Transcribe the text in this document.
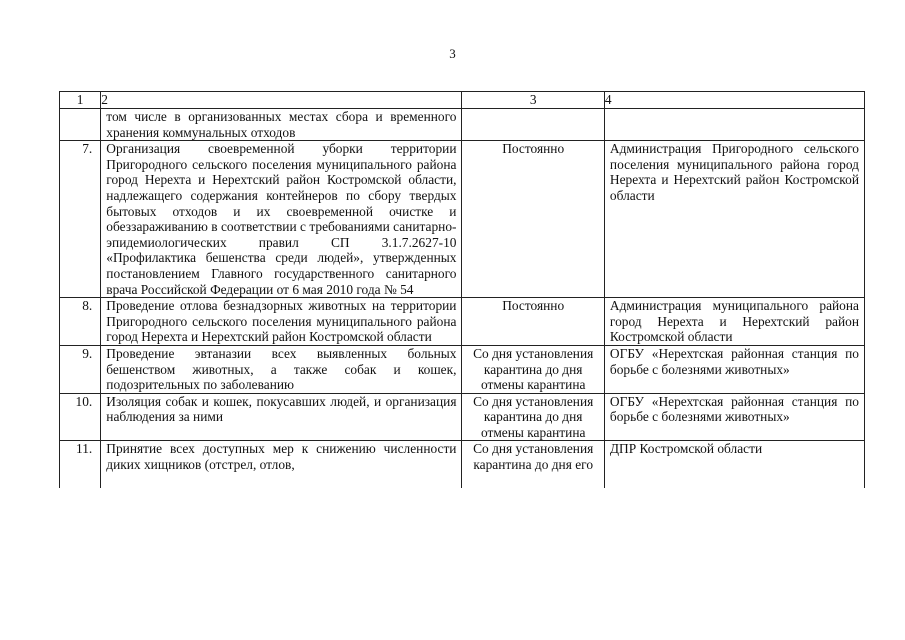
3
1	2	3	4
	том числе в организованных местах сбора и временного хранения коммунальных отходов		
7.	Организация своевременной уборки территории Пригородного сельского поселения муниципального района город Нерехта и Нерехтский район Костромской области, надлежащего содержания контейнеров по сбору твердых бытовых отходов и их своевременной очистке и обеззараживанию в соответствии с требованиями санитарно-эпидемиологических правил СП 3.1.7.2627-10 «Профилактика бешенства среди людей», утвержденных постановлением Главного государственного санитарного врача Российской Федерации от 6 мая 2010 года № 54	Постоянно	Администрация Пригородного сельского поселения муниципального района город Нерехта и Нерехтский район Костромской области
8.	Проведение отлова безнадзорных животных на территории Пригородного сельского поселения муниципального района город Нерехта и Нерехтский район Костромской области	Постоянно	Администрация муниципального района город Нерехта и Нерехтский район Костромской области
9.	Проведение эвтаназии всех выявленных больных бешенством животных, а также собак и кошек, подозрительных по заболеванию	Со дня установления карантина до дня отмены карантина	ОГБУ «Нерехтская районная станция по борьбе с болезнями животных»
10.	Изоляция собак и кошек, покусавших людей, и организация наблюдения за ними	Со дня установления карантина до дня отмены карантина	ОГБУ «Нерехтская районная станция по борьбе с болезнями животных»
11.	Принятие всех доступных мер к снижению численности диких хищников (отстрел, отлов,	Со дня установления карантина до дня его	ДПР Костромской области
